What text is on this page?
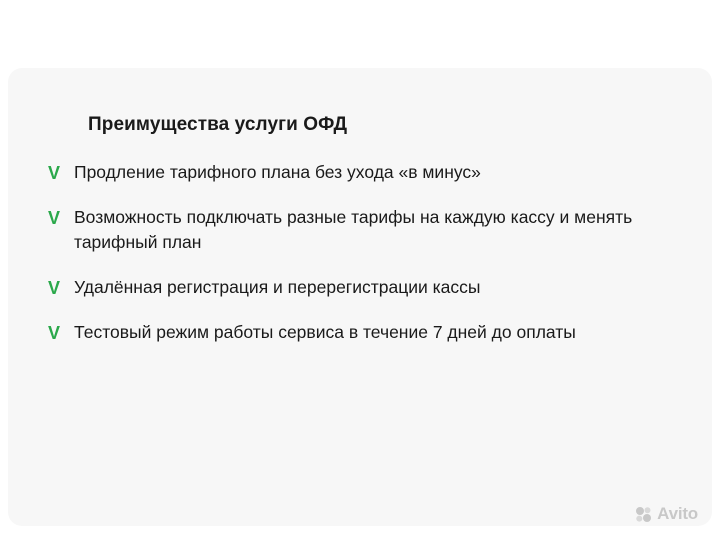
Преимущества услуги ОФД
V Продление тарифного плана без ухода «в минус»
V Возможность подключать разные тарифы на каждую кассу и менять тарифный план
V Удалённая регистрация и перерегистрации кассы
V Тестовый режим работы сервиса в течение 7 дней до оплаты
Avito
